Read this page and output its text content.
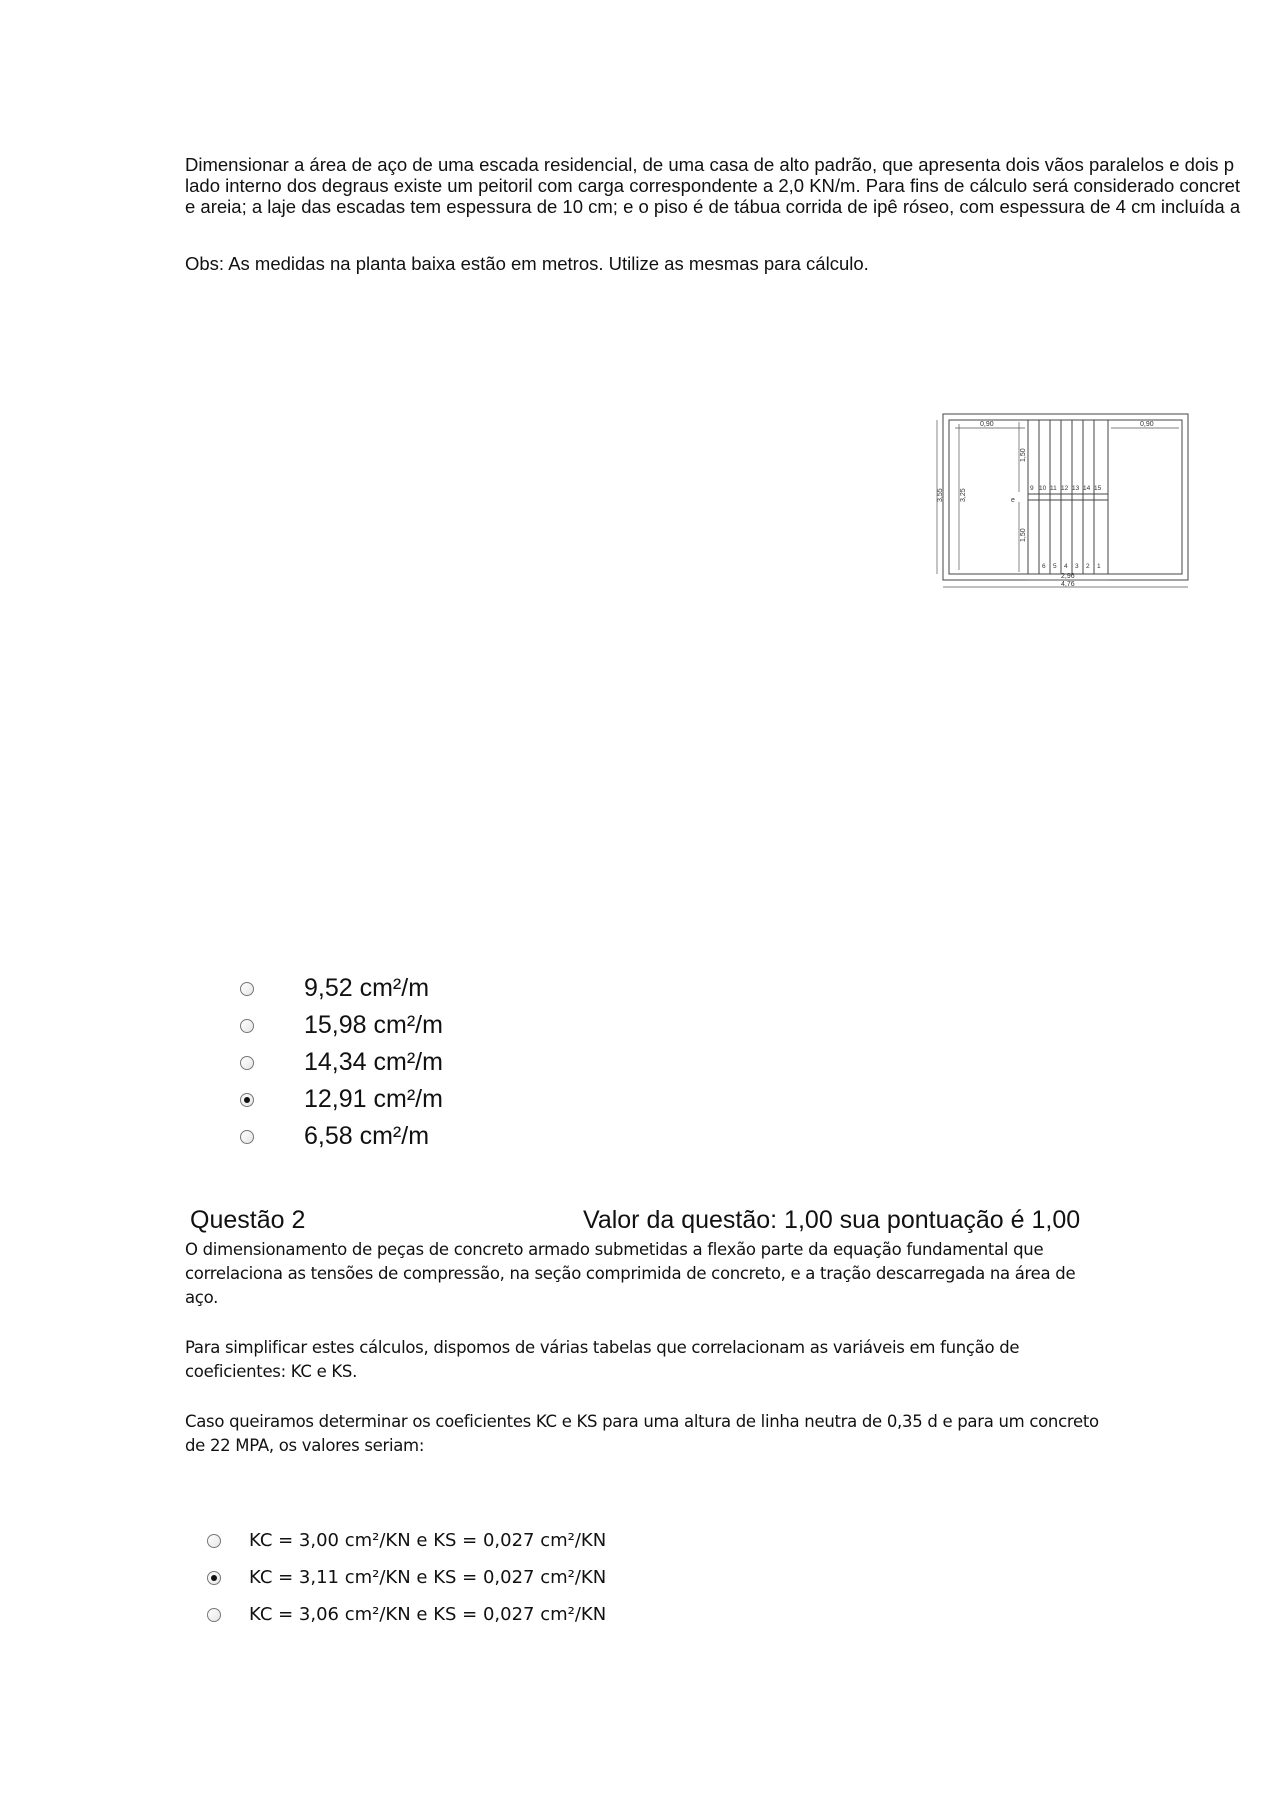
Dimensionar a área de aço de uma escada residencial, de uma casa de alto padrão, que apresenta dois vãos paralelos e dois p

lado interno dos degraus existe um peitoril com carga correspondente a 2,0 KN/m. Para fins de cálculo será considerado concret

e areia; a laje das escadas tem espessura de 10 cm; e o piso é de tábua corrida de ipê róseo, com espessura de 4 cm incluída a

Obs: As medidas na planta baixa estão em metros. Utilize as mesmas para cálculo.
0,90	0,90
3,55 3,25
1,50
e
1,50
2,96
4,76
9 10 11 12 13 14 15
6 5 4 3 2 1
9,52 cm²/m
15,98 cm²/m
14,34 cm²/m
12,91 cm²/m
6,58 cm²/m
Questão 2	Valor da questão: 1,00 sua pontuação é 1,00

O dimensionamento de peças de concreto armado submetidas a flexão parte da equação fundamental que correlaciona as tensões de compressão, na seção comprimida de concreto, e a tração descarregada na área de aço.

Para simplificar estes cálculos, dispomos de várias tabelas que correlacionam as variáveis em função de coeficientes: KC e KS.

Caso queiramos determinar os coeficientes KC e KS para uma altura de linha neutra de 0,35 d e para um concreto de 22 MPA, os valores seriam:

KC = 3,00 cm²/KN e KS = 0,027 cm²/KN
KC = 3,11 cm²/KN e KS = 0,027 cm²/KN
KC = 3,06 cm²/KN e KS = 0,027 cm²/KN
